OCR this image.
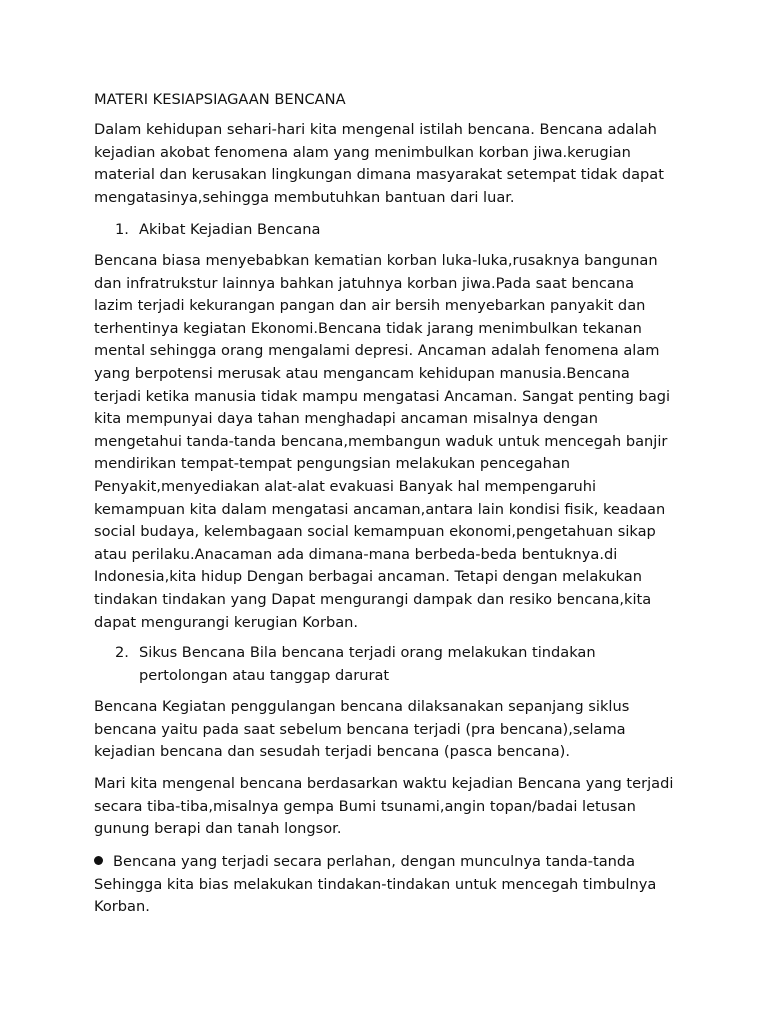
MATERI KESIAPSIAGAAN BENCANA

Dalam kehidupan sehari-hari kita mengenal istilah bencana. Bencana adalah
kejadian akobat fenomena alam yang menimbulkan korban jiwa.kerugian
material dan kerusakan lingkungan dimana masyarakat setempat tidak dapat
mengatasinya,sehingga membutuhkan bantuan dari luar.

1. Akibat Kejadian Bencana

Bencana biasa menyebabkan kematian korban luka-luka,rusaknya bangunan
dan infratrukstur lainnya bahkan jatuhnya korban jiwa.Pada saat bencana
lazim terjadi kekurangan pangan dan air bersih menyebarkan panyakit dan
terhentinya kegiatan Ekonomi.Bencana tidak jarang menimbulkan tekanan
mental sehingga orang mengalami depresi. Ancaman adalah fenomena alam
yang berpotensi merusak atau mengancam kehidupan manusia.Bencana
terjadi ketika manusia tidak mampu mengatasi Ancaman. Sangat penting bagi
kita mempunyai daya tahan menghadapi ancaman misalnya dengan
mengetahui tanda-tanda bencana,membangun waduk untuk mencegah banjir
mendirikan tempat-tempat pengungsian melakukan pencegahan
Penyakit,menyediakan alat-alat evakuasi Banyak hal mempengaruhi
kemampuan kita dalam mengatasi ancaman,antara lain kondisi fisik, keadaan
social budaya, kelembagaan social kemampuan ekonomi,pengetahuan sikap
atau perilaku.Anacaman ada dimana-mana berbeda-beda bentuknya.di
Indonesia,kita hidup Dengan berbagai ancaman. Tetapi dengan melakukan
tindakan tindakan yang Dapat mengurangi dampak dan resiko bencana,kita
dapat mengurangi kerugian Korban.

2. Sikus Bencana Bila bencana terjadi orang melakukan tindakan
pertolongan atau tanggap darurat

Bencana Kegiatan penggulangan bencana dilaksanakan sepanjang siklus
bencana yaitu pada saat sebelum bencana terjadi (pra bencana),selama
kejadian bencana dan sesudah terjadi bencana (pasca bencana).

Mari kita mengenal bencana berdasarkan waktu kejadian Bencana yang terjadi
secara tiba-tiba,misalnya gempa Bumi tsunami,angin topan/badai letusan
gunung berapi dan tanah longsor.

Bencana yang terjadi secara perlahan, dengan munculnya tanda-tanda
Sehingga kita bias melakukan tindakan-tindakan untuk mencegah timbulnya
Korban.
